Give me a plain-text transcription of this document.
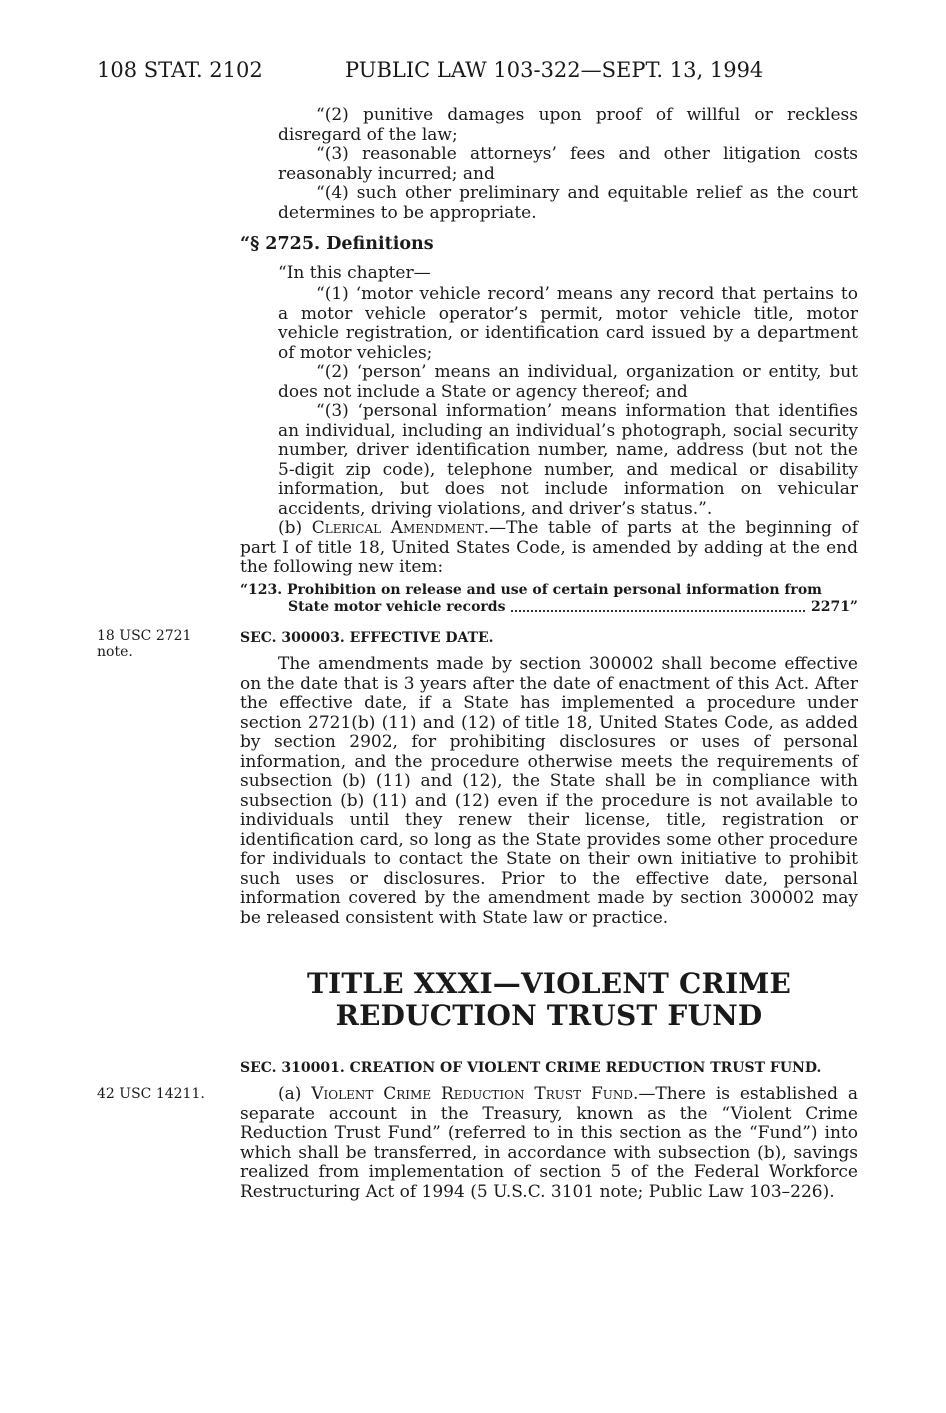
108 STAT. 2102	PUBLIC LAW 103-322—SEPT. 13, 1994

“(2) punitive damages upon proof of willful or reckless disregard of the law;

“(3) reasonable attorneys’ fees and other litigation costs reasonably incurred; and

“(4) such other preliminary and equitable relief as the court determines to be appropriate.

“§ 2725. Definitions

“In this chapter—

“(1) ‘motor vehicle record’ means any record that pertains to a motor vehicle operator’s permit, motor vehicle title, motor vehicle registration, or identification card issued by a department of motor vehicles;

“(2) ‘person’ means an individual, organization or entity, but does not include a State or agency thereof; and

“(3) ‘personal information’ means information that identifies an individual, including an individual’s photograph, social security number, driver identification number, name, address (but not the 5-digit zip code), telephone number, and medical or disability information, but does not include information on vehicular accidents, driving violations, and driver’s status.”.

(b) Clerical Amendment.—The table of parts at the beginning of part I of title 18, United States Code, is amended by adding at the end the following new item:

“123. Prohibition on release and use of certain personal information from
State motor vehicle records	2271”
18 USC 2721
note.
SEC. 300003. EFFECTIVE DATE.

The amendments made by section 300002 shall become effective on the date that is 3 years after the date of enactment of this Act. After the effective date, if a State has implemented a procedure under section 2721(b) (11) and (12) of title 18, United States Code, as added by section 2902, for prohibiting disclosures or uses of personal information, and the procedure otherwise meets the requirements of subsection (b) (11) and (12), the State shall be in compliance with subsection (b) (11) and (12) even if the procedure is not available to individuals until they renew their license, title, registration or identification card, so long as the State provides some other procedure for individuals to contact the State on their own initiative to prohibit such uses or disclosures. Prior to the effective date, personal information covered by the amendment made by section 300002 may be released consistent with State law or practice.

TITLE XXXI—VIOLENT CRIME
REDUCTION TRUST FUND
SEC. 310001. CREATION OF VIOLENT CRIME REDUCTION TRUST FUND.
42 USC 14211.	(a) Violent Crime Reduction Trust Fund.—There is established a separate account in the Treasury, known as the “Violent Crime Reduction Trust Fund” (referred to in this section as the “Fund”) into which shall be transferred, in accordance with subsection (b), savings realized from implementation of section 5 of the Federal Workforce Restructuring Act of 1994 (5 U.S.C. 3101 note; Public Law 103–226).
